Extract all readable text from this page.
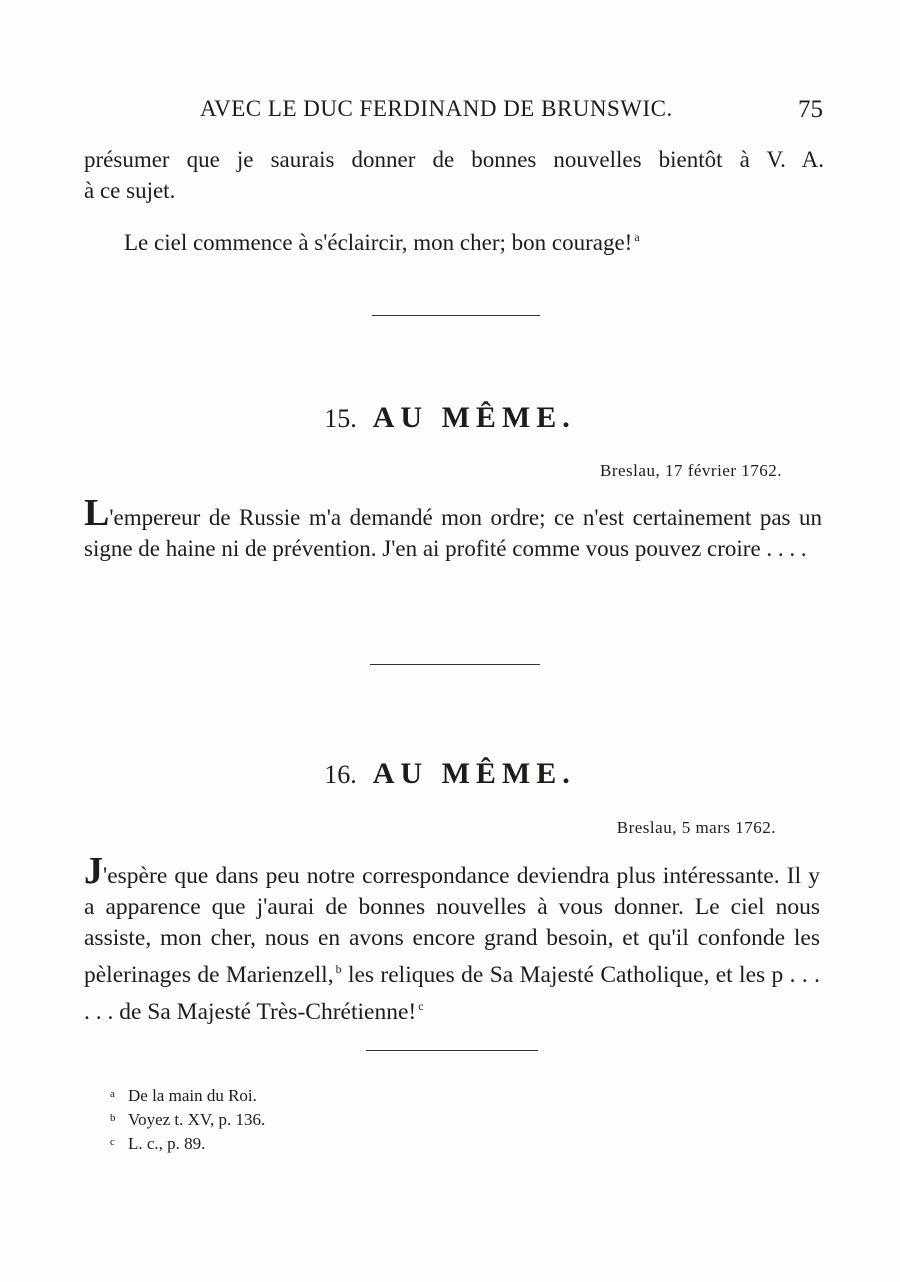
AVEC LE DUC FERDINAND DE BRUNSWIC.	75
présumer que je saurais donner de bonnes nouvelles bientôt à V. A.
à ce sujet.
Le ciel commence à s'éclaircir, mon cher; bon courage! $^a$
15. AU MÊME.
Breslau, 17 février 1762.
L'empereur de Russie m'a demandé mon ordre; ce n'est certainement pas un signe de haine ni de prévention. J'en ai profité comme vous pouvez croire . . . .
16. AU MÊME.
Breslau, 5 mars 1762.
J'espère que dans peu notre correspondance deviendra plus intéressante. Il y a apparence que j'aurai de bonnes nouvelles à vous donner. Le ciel nous assiste, mon cher, nous en avons encore grand besoin, et qu'il confonde les pèlerinages de Marienzell, $^b$ les reliques de Sa Majesté Catholique, et les p . . . . . . de Sa Majesté Très-Chrétienne! $^c$
a De la main du Roi.
b Voyez t. XV, p. 136.
c L. c., p. 89.
